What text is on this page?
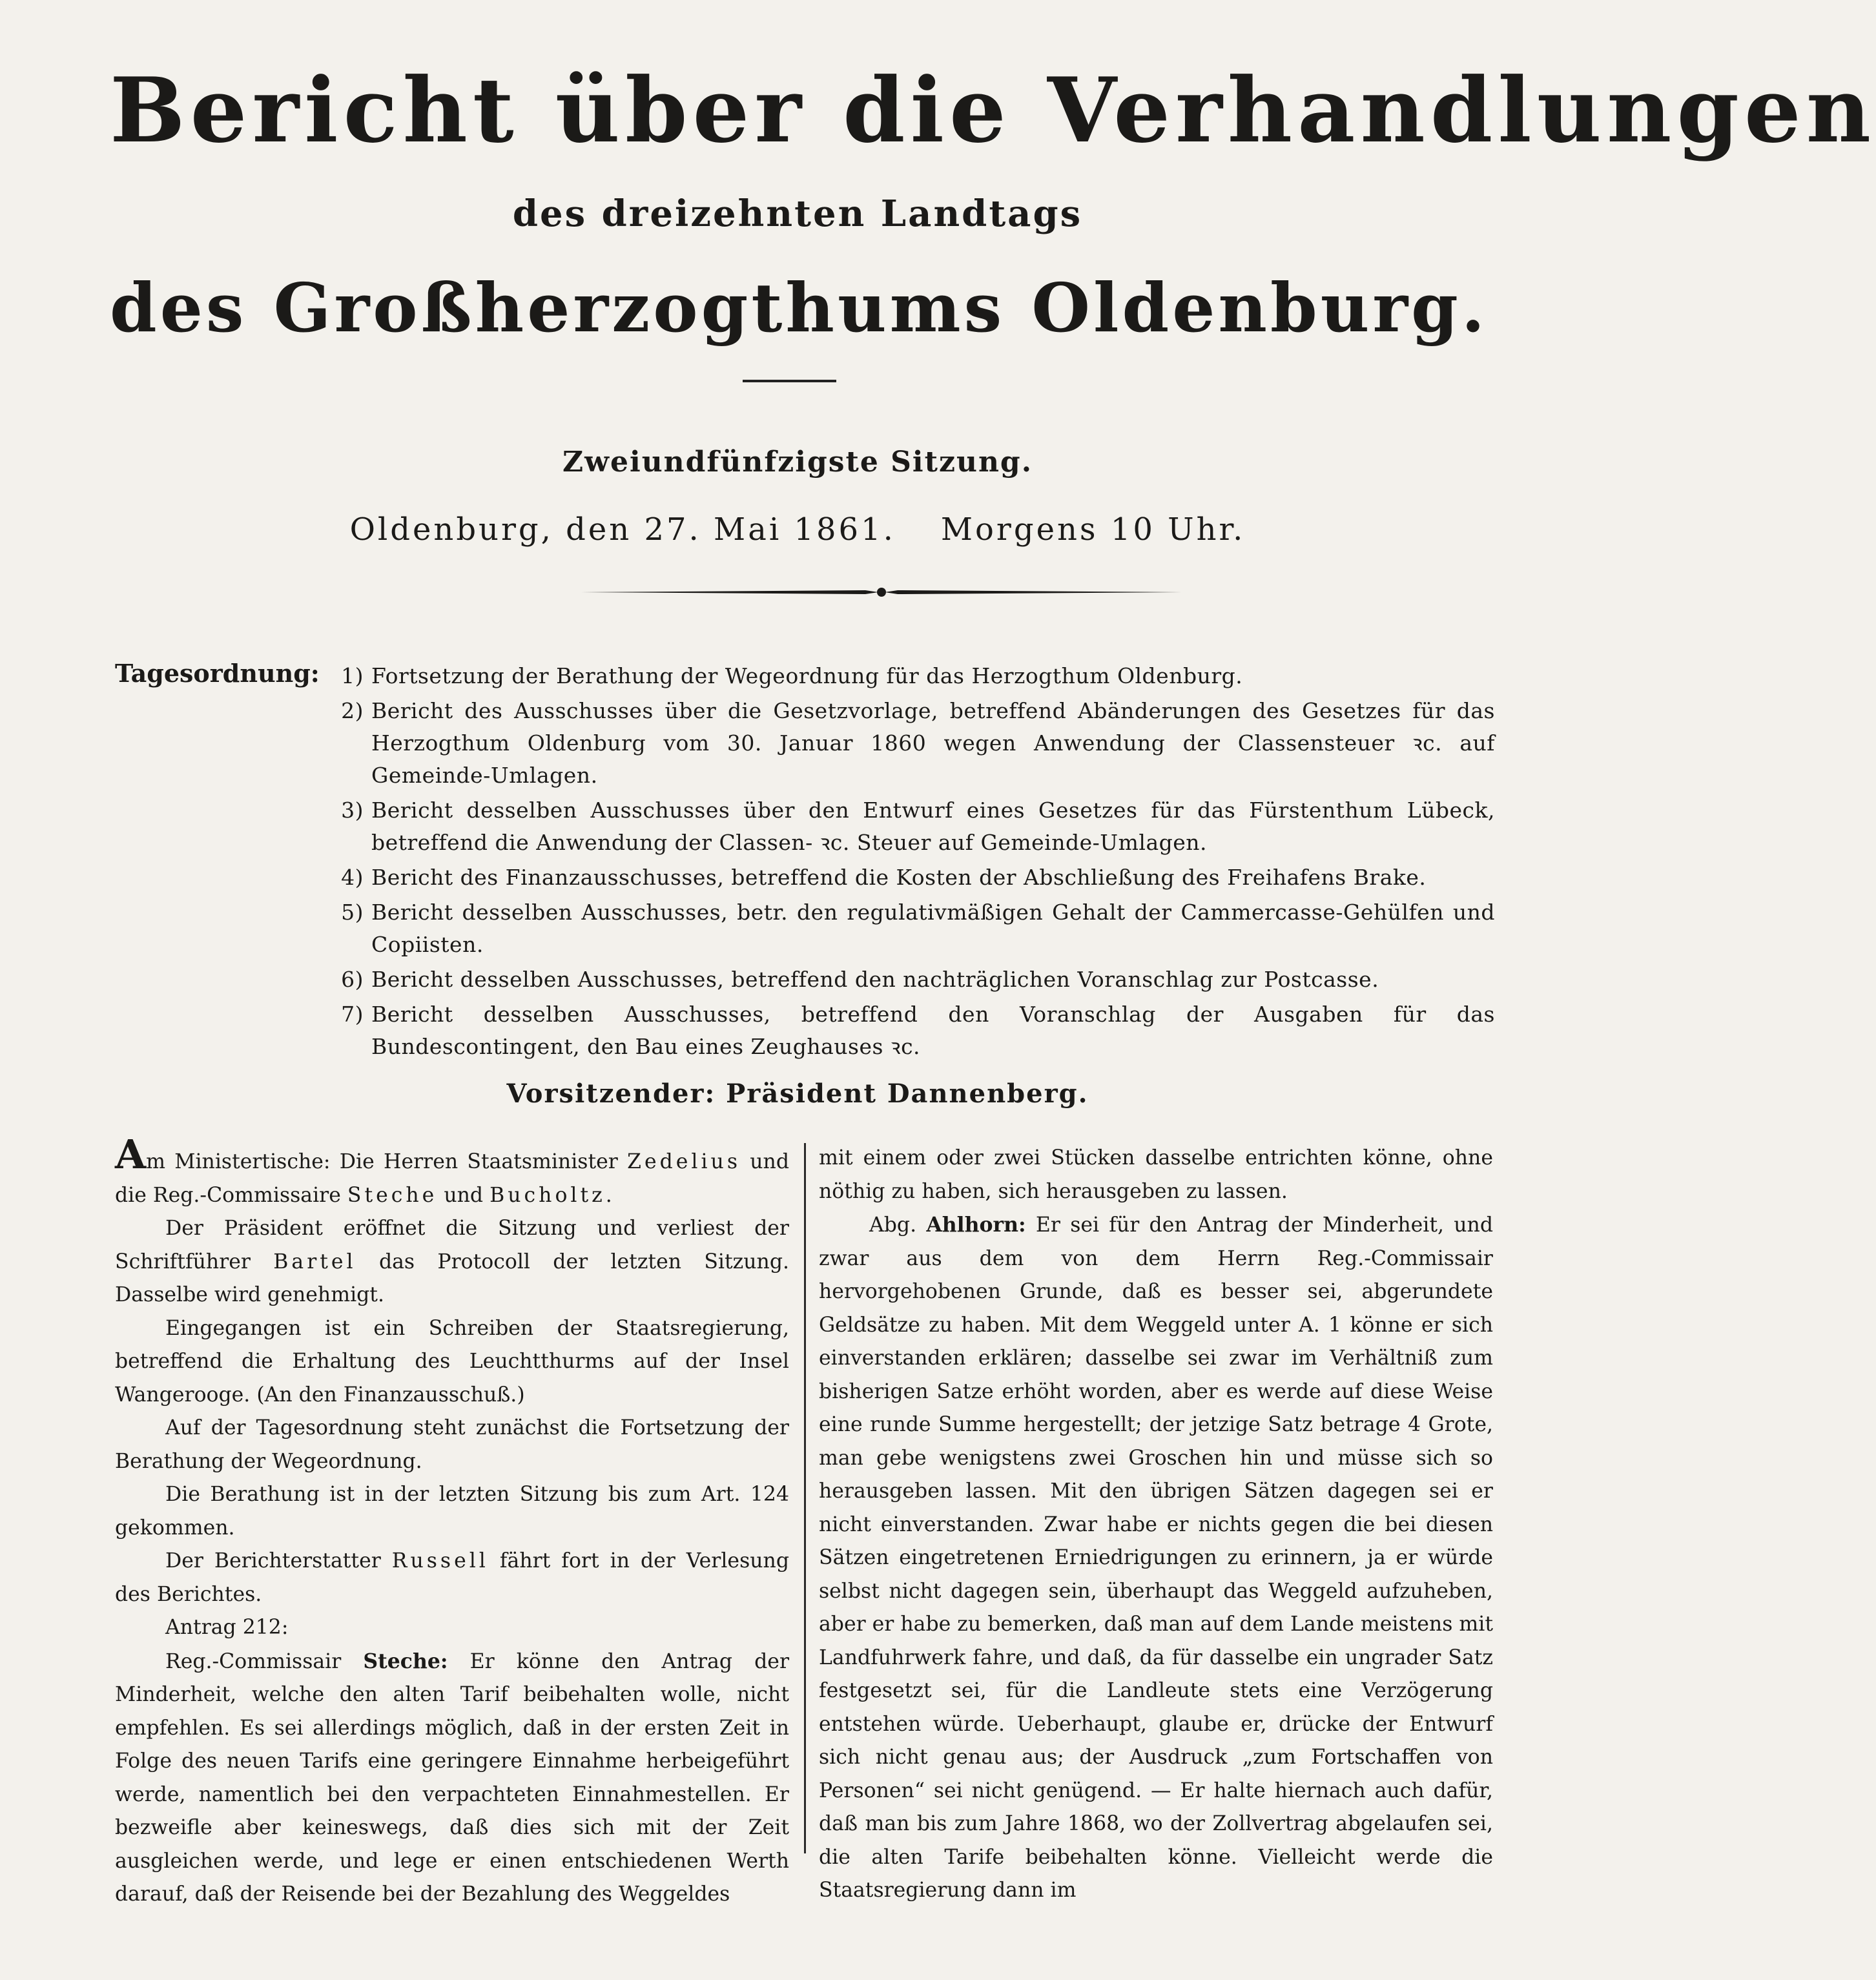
Bericht über die Verhandlungen
des dreizehnten Landtags
des Großherzogthums Oldenburg.
Zweiundfünfzigste Sitzung.
Oldenburg, den 27. Mai 1861. Morgens 10 Uhr.
Tagesordnung:	1) Fortsetzung der Berathung der Wegeordnung für das Herzogthum Oldenburg.
2) Bericht des Ausschusses über die Gesetzvorlage, betreffend Abänderungen des Gesetzes für das Herzogthum Oldenburg vom 30. Januar 1860 wegen Anwendung der Classensteuer ꝛc. auf Gemeinde-Umlagen.
3) Bericht desselben Ausschusses über den Entwurf eines Gesetzes für das Fürstenthum Lübeck, betreffend die Anwendung der Classen- ꝛc. Steuer auf Gemeinde-Umlagen.
4) Bericht des Finanzausschusses, betreffend die Kosten der Abschließung des Freihafens Brake.
5) Bericht desselben Ausschusses, betr. den regulativmäßigen Gehalt der Cammercasse-Gehülfen und Copiisten.
6) Bericht desselben Ausschusses, betreffend den nachträglichen Voranschlag zur Postcasse.
7) Bericht desselben Ausschusses, betreffend den Voranschlag der Ausgaben für das Bundescontingent, den Bau eines Zeughauses ꝛc.
Vorsitzender: Präsident Dannenberg.

Am Ministertische: Die Herren Staatsminister Zedelius und die Reg.-Commissaire Steche und Bucholtz.

Der Präsident eröffnet die Sitzung und verliest der Schriftführer Bartel das Protocoll der letzten Sitzung. Dasselbe wird genehmigt.

Eingegangen ist ein Schreiben der Staatsregierung, betreffend die Erhaltung des Leuchtthurms auf der Insel Wangerooge. (An den Finanzausschuß.)

Auf der Tagesordnung steht zunächst die Fortsetzung der Berathung der Wegeordnung.

Die Berathung ist in der letzten Sitzung bis zum Art. 124 gekommen.

Der Berichterstatter Russell fährt fort in der Verlesung des Berichtes.

Antrag 212:

Reg.-Commissair Steche: Er könne den Antrag der Minderheit, welche den alten Tarif beibehalten wolle, nicht empfehlen. Es sei allerdings möglich, daß in der ersten Zeit in Folge des neuen Tarifs eine geringere Einnahme herbeigeführt werde, namentlich bei den verpachteten Einnahmestellen. Er bezweifle aber keineswegs, daß dies sich mit der Zeit ausgleichen werde, und lege er einen entschiedenen Werth darauf, daß der Reisende bei der Bezahlung des Weggeldes

mit einem oder zwei Stücken dasselbe entrichten könne, ohne nöthig zu haben, sich herausgeben zu lassen.

Abg. Ahlhorn: Er sei für den Antrag der Minderheit, und zwar aus dem von dem Herrn Reg.-Commissair hervorgehobenen Grunde, daß es besser sei, abgerundete Geldsätze zu haben. Mit dem Weggeld unter A. 1 könne er sich einverstanden erklären; dasselbe sei zwar im Verhältniß zum bisherigen Satze erhöht worden, aber es werde auf diese Weise eine runde Summe hergestellt; der jetzige Satz betrage 4 Grote, man gebe wenigstens zwei Groschen hin und müsse sich so herausgeben lassen. Mit den übrigen Sätzen dagegen sei er nicht einverstanden. Zwar habe er nichts gegen die bei diesen Sätzen eingetretenen Erniedrigungen zu erinnern, ja er würde selbst nicht dagegen sein, überhaupt das Weggeld aufzuheben, aber er habe zu bemerken, daß man auf dem Lande meistens mit Landfuhrwerk fahre, und daß, da für dasselbe ein ungrader Satz festgesetzt sei, für die Landleute stets eine Verzögerung entstehen würde. Ueberhaupt, glaube er, drücke der Entwurf sich nicht genau aus; der Ausdruck „zum Fortschaffen von Personen“ sei nicht genügend. — Er halte hiernach auch dafür, daß man bis zum Jahre 1868, wo der Zollvertrag abgelaufen sei, die alten Tarife beibehalten könne. Vielleicht werde die Staatsregierung dann im
